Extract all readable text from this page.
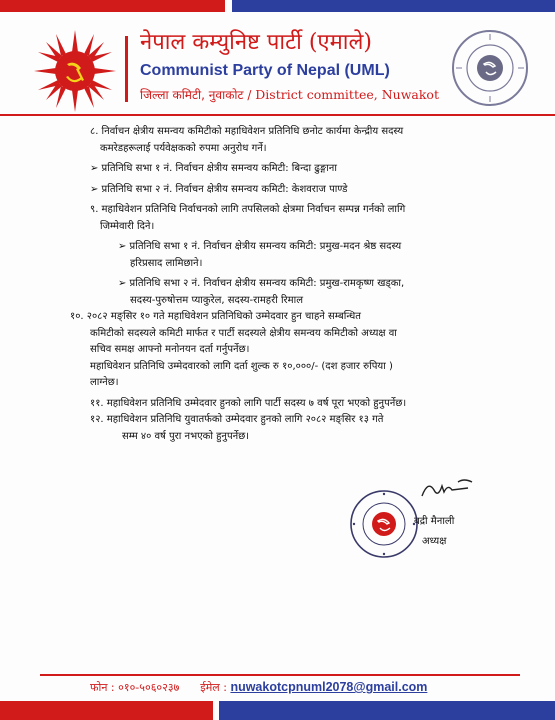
नेपाल कम्युनिष्ट पार्टी (एमाले)
Communist Party of Nepal (UML)
जिल्ला कमिटी, नुवाकोट / District committee, Nuwakot
८. निर्वाचन क्षेत्रीय समन्वय कमिटीको महाधिवेशन प्रतिनिधि छनोट कार्यमा केन्द्रीय सदस्य
कमरेडहरूलाई पर्यवेक्षकको रुपमा अनुरोध गर्ने।
➢ प्रतिनिधि सभा १ नं. निर्वाचन क्षेत्रीय समन्वय कमिटी: बिन्दा ढुङ्गाना
➢ प्रतिनिधि सभा २ नं. निर्वाचन क्षेत्रीय समन्वय कमिटी: केशवराज पाण्डे
९. महाधिवेशन प्रतिनिधि निर्वाचनको लागि तपसिलको क्षेत्रमा निर्वाचन सम्पन्न गर्नको लागि
जिम्मेवारी दिने।
➢ प्रतिनिधि सभा १ नं. निर्वाचन क्षेत्रीय समन्वय कमिटी: प्रमुख-मदन श्रेष्ठ सदस्य
हरिप्रसाद लामिछाने।
➢ प्रतिनिधि सभा २ नं. निर्वाचन क्षेत्रीय समन्वय कमिटी: प्रमुख-रामकृष्ण खड्का,
सदस्य-पुरुषोत्तम प्याकुरेल, सदस्य-रामहरी रिमाल
१०. २०८२ मङ्सिर १० गते महाधिवेशन प्रतिनिधिको उम्मेदवार हुन चाहने सम्बन्धित
कमिटीको सदस्यले कमिटी मार्फत र पार्टी सदस्यले क्षेत्रीय समन्वय कमिटीको अध्यक्ष वा
सचिव समक्ष आफ्नो मनोनयन दर्ता गर्नुपर्नेछ।
महाधिवेशन प्रतिनिधि उम्मेदवारको लागि दर्ता शुल्क रु १०,०००/- (दश हजार रुपिया )
लाग्नेछ।
११. महाधिवेशन प्रतिनिधि उम्मेदवार हुनको लागि पार्टी सदस्य ७ वर्ष पूरा भएको हुनुपर्नेछ।
१२. महाधिवेशन प्रतिनिधि युवातर्फको उम्मेदवार हुनको लागि २०८२ मङ्सिर १३ गते
सम्म ४० वर्ष पुरा नभएको हुनुपर्नेछ।
बद्री मैनाली
अध्यक्ष
फोन : ०१०-५०६०२३७ ईमेल : nuwakotcpnuml2078@gmail.com
